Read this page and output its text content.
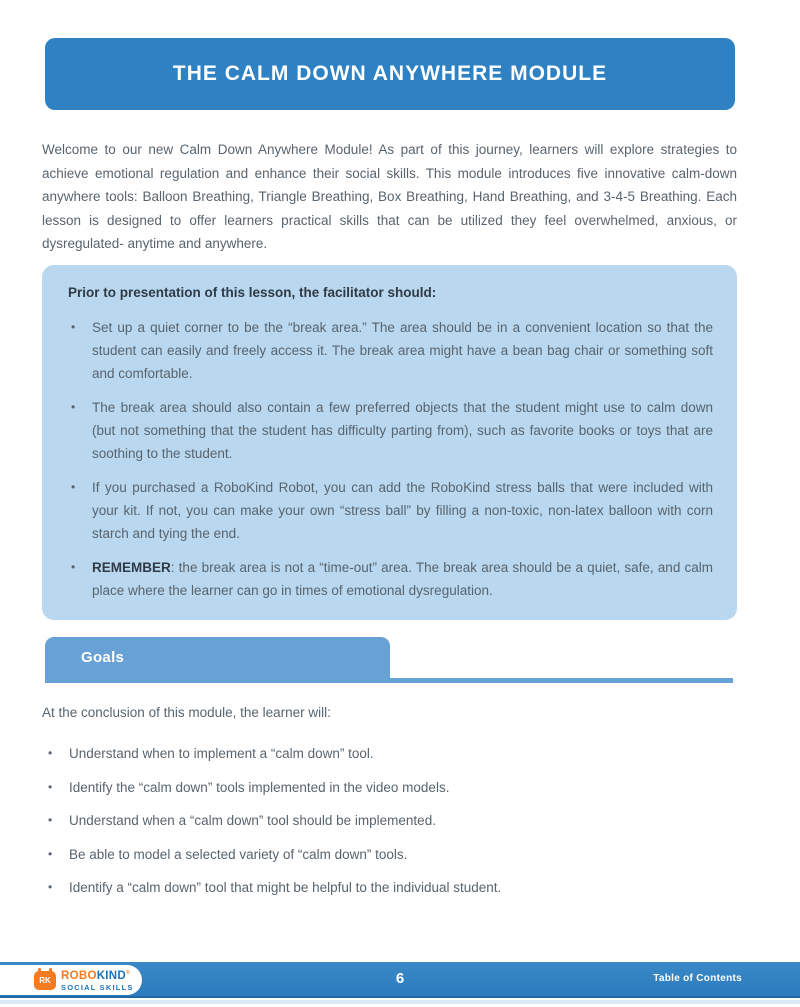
THE CALM DOWN ANYWHERE MODULE

Welcome to our new Calm Down Anywhere Module! As part of this journey, learners will explore strategies to achieve emotional regulation and enhance their social skills. This module introduces five innovative calm-down anywhere tools: Balloon Breathing, Triangle Breathing, Box Breathing, Hand Breathing, and 3-4-5 Breathing. Each lesson is designed to offer learners practical skills that can be utilized they feel overwhelmed, anxious, or dysregulated- anytime and anywhere.

Prior to presentation of this lesson, the facilitator should:

•	Set up a quiet corner to be the “break area.” The area should be in a convenient location so that the student can easily and freely access it. The break area might have a bean bag chair or something soft and comfortable.
•	The break area should also contain a few preferred objects that the student might use to calm down (but not something that the student has difficulty parting from), such as favorite books or toys that are soothing to the student.
•	If you purchased a RoboKind Robot, you can add the RoboKind stress balls that were included with your kit. If not, you can make your own “stress ball” by filling a non-toxic, non-latex balloon with corn starch and tying the end.
•	REMEMBER: the break area is not a “time-out” area. The break area should be a quiet, safe, and calm place where the learner can go in times of emotional dysregulation.
Goals

At the conclusion of this module, the learner will:

•	Understand when to implement a “calm down” tool.
•	Identify the “calm down” tools implemented in the video models.
•	Understand when a “calm down” tool should be implemented.
•	Be able to model a selected variety of “calm down” tools.
•	Identify a “calm down” tool that might be helpful to the individual student.
RK ROBOKIND®
SOCIAL SKILLS
6	Table of Contents
